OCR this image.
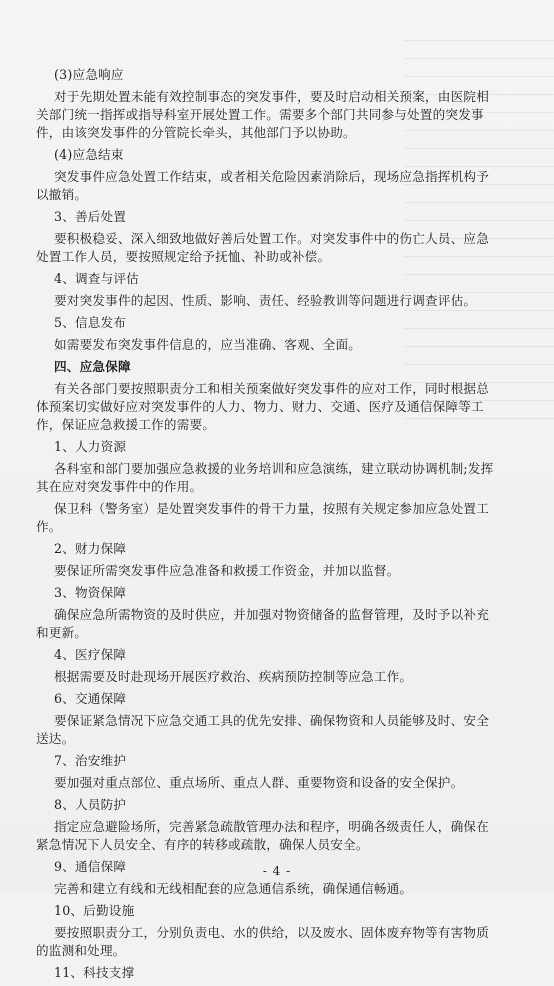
(3)应急响应

对于先期处置未能有效控制事态的突发事件，要及时启动相关预案，由医院相关部门统一指挥或指导科室开展处置工作。需要多个部门共同参与处置的突发事件，由该突发事件的分管院长牵头，其他部门予以协助。

(4)应急结束

突发事件应急处置工作结束，或者相关危险因素消除后，现场应急指挥机构予以撤销。

3、善后处置

要积极稳妥、深入细致地做好善后处置工作。对突发事件中的伤亡人员、应急处置工作人员，要按照规定给予抚恤、补助或补偿。

4、调查与评估

要对突发事件的起因、性质、影响、责任、经验教训等问题进行调查评估。

5、信息发布

如需要发布突发事件信息的，应当准确、客观、全面。

四、应急保障

有关各部门要按照职责分工和相关预案做好突发事件的应对工作，同时根据总体预案切实做好应对突发事件的人力、物力、财力、交通、医疗及通信保障等工作，保证应急救援工作的需要。

1、人力资源

各科室和部门要加强应急救援的业务培训和应急演练，建立联动协调机制;发挥其在应对突发事件中的作用。

保卫科（警务室）是处置突发事件的骨干力量，按照有关规定参加应急处置工作。

2、财力保障

要保证所需突发事件应急准备和救援工作资金，并加以监督。

3、物资保障

确保应急所需物资的及时供应，并加强对物资储备的监督管理，及时予以补充和更新。

4、医疗保障

根据需要及时赴现场开展医疗救治、疾病预防控制等应急工作。

6、交通保障

要保证紧急情况下应急交通工具的优先安排、确保物资和人员能够及时、安全送达。

7、治安维护

要加强对重点部位、重点场所、重点人群、重要物资和设备的安全保护。

8、人员防护

指定应急避险场所，完善紧急疏散管理办法和程序，明确各级责任人，确保在紧急情况下人员安全、有序的转移或疏散，确保人员安全。

9、通信保障

完善和建立有线和无线相配套的应急通信系统，确保通信畅通。

10、后勤设施

要按照职责分工，分别负责电、水的供给，以及废水、固体废弃物等有害物质的监测和处理。

11、科技支撑

- 4 -
